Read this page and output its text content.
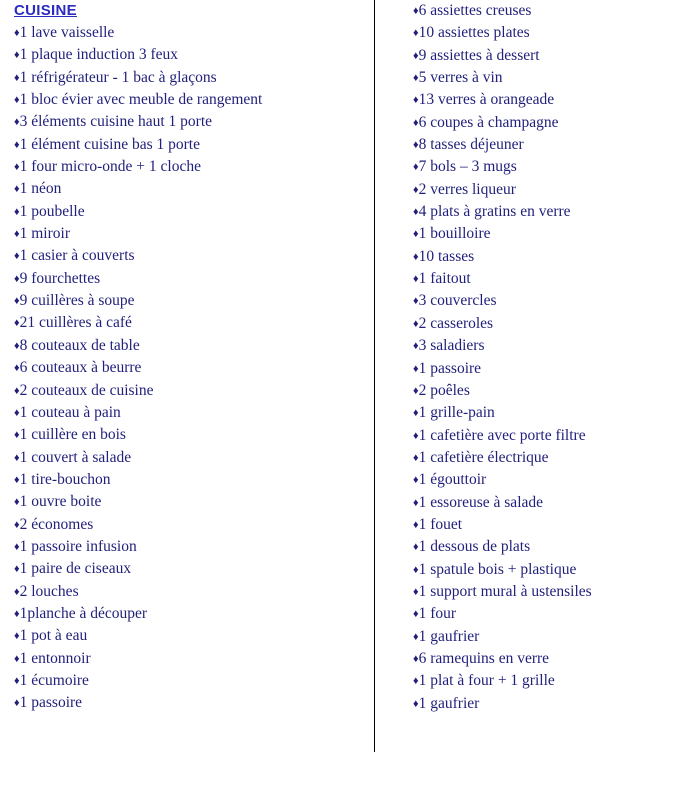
CUISINE
♦1 lave vaisselle
♦1 plaque induction 3 feux
♦1 réfrigérateur - 1 bac à glaçons
♦1 bloc évier avec meuble de rangement
♦3 éléments cuisine haut 1 porte
♦1 élément cuisine bas 1 porte
♦1 four micro-onde + 1 cloche
♦1 néon
♦1 poubelle
♦1 miroir
♦1 casier à couverts
♦9 fourchettes
♦9 cuillères à soupe
♦21 cuillères à café
♦8 couteaux de table
♦6 couteaux à beurre
♦2 couteaux de cuisine
♦1 couteau à pain
♦1 cuillère en bois
♦1 couvert à salade
♦1 tire-bouchon
♦1 ouvre boite
♦2 économes
♦1 passoire infusion
♦1 paire de ciseaux
♦2 louches
♦1planche à découper
♦1 pot à eau
♦1 entonnoir
♦1 écumoire
♦1 passoire
♦6 assiettes creuses
♦10 assiettes plates
♦9 assiettes à dessert
♦5 verres à vin
♦13 verres à orangeade
♦6 coupes à champagne
♦8 tasses déjeuner
♦7 bols – 3 mugs
♦2 verres liqueur
♦4 plats à gratins en verre
♦1 bouilloire
♦10 tasses
♦1 faitout
♦3 couvercles
♦2 casseroles
♦3 saladiers
♦1 passoire
♦2 poêles
♦1 grille-pain
♦1 cafetière avec porte filtre
♦1 cafetière électrique
♦1 égouttoir
♦1 essoreuse à salade
♦1 fouet
♦1 dessous de plats
♦1 spatule bois + plastique
♦1 support mural à ustensiles
♦1 four
♦1 gaufrier
♦6 ramequins en verre
♦1 plat à four + 1 grille
♦1 gaufrier
